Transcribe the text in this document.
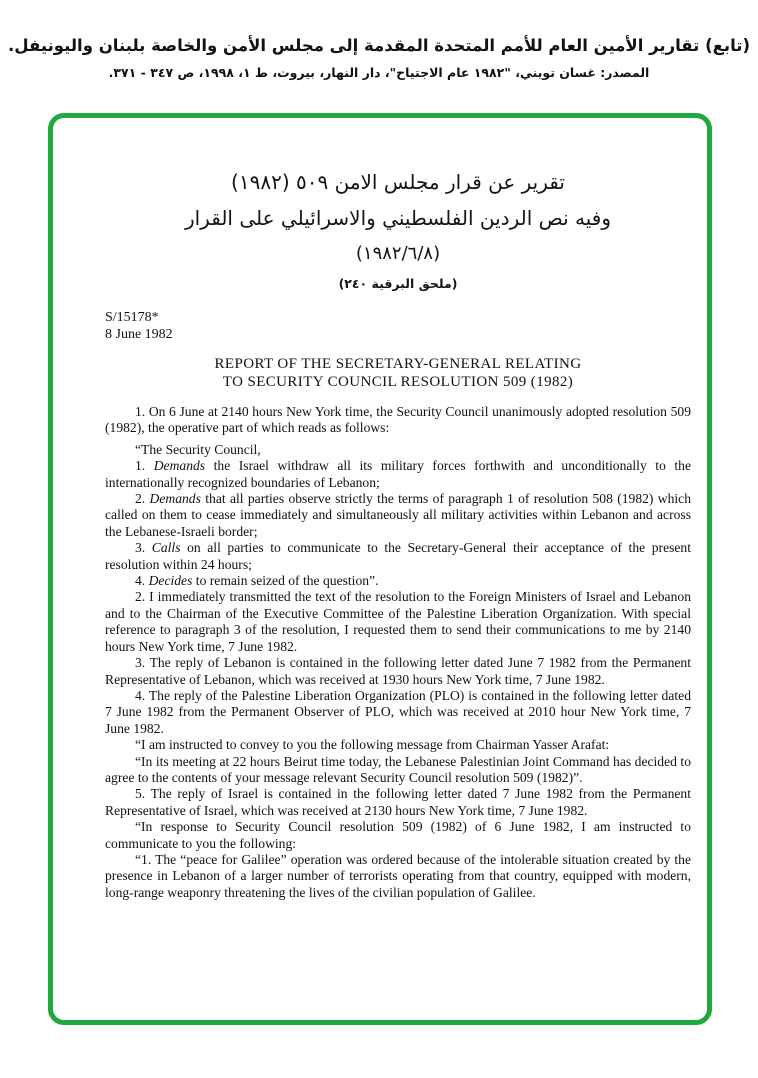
(تابع) تقارير الأمين العام للأمم المتحدة المقدمة إلى مجلس الأمن والخاصة بلبنان واليونيفل.
المصدر: غسان تويني، "١٩٨٢ عام الاجتياح"، دار النهار، بيروت، ط ١، ١٩٩٨، ص ٣٤٧ - ٣٧١.
تقرير عن قرار مجلس الامن ٥٠٩ (١٩٨٢)
وفيه نص الردين الفلسطيني والاسرائيلي على القرار
(١٩٨٢/٦/٨)
(ملحق البرقية ٢٤٠)
S/15178*
8 June 1982
REPORT OF THE SECRETARY-GENERAL RELATING
TO SECURITY COUNCIL RESOLUTION 509 (1982)

1. On 6 June at 2140 hours New York time, the Security Council unanimously adopted resolution 509 (1982), the operative part of which reads as follows:

“The Security Council,

1. Demands the Israel withdraw all its military forces forthwith and unconditionally to the internationally recognized boundaries of Lebanon;

2. Demands that all parties observe strictly the terms of paragraph 1 of resolution 508 (1982) which called on them to cease immediately and simultaneously all military activities within Lebanon and across the Lebanese-Israeli border;

3. Calls on all parties to communicate to the Secretary-General their acceptance of the present resolution within 24 hours;

4. Decides to remain seized of the question”.

2. I immediately transmitted the text of the resolution to the Foreign Ministers of Israel and Lebanon and to the Chairman of the Executive Committee of the Palestine Liberation Organization. With special reference to paragraph 3 of the resolution, I requested them to send their communications to me by 2140 hours New York time, 7 June 1982.

3. The reply of Lebanon is contained in the following letter dated June 7 1982 from the Permanent Representative of Lebanon, which was received at 1930 hours New York time, 7 June 1982.

4. The reply of the Palestine Liberation Organization (PLO) is contained in the following letter dated 7 June 1982 from the Permanent Observer of PLO, which was received at 2010 hour New York time, 7 June 1982.

“I am instructed to convey to you the following message from Chairman Yasser Arafat:

“In its meeting at 22 hours Beirut time today, the Lebanese Palestinian Joint Command has decided to agree to the contents of your message relevant Security Council resolution 509 (1982)”.

5. The reply of Israel is contained in the following letter dated 7 June 1982 from the Permanent Representative of Israel, which was received at 2130 hours New York time, 7 June 1982.

“In response to Security Council resolution 509 (1982) of 6 June 1982, I am instructed to communicate to you the following:

“1. The “peace for Galilee” operation was ordered because of the intolerable situation created by the presence in Lebanon of a larger number of terrorists operating from that country, equipped with modern, long-range weaponry threatening the lives of the civilian population of Galilee.
